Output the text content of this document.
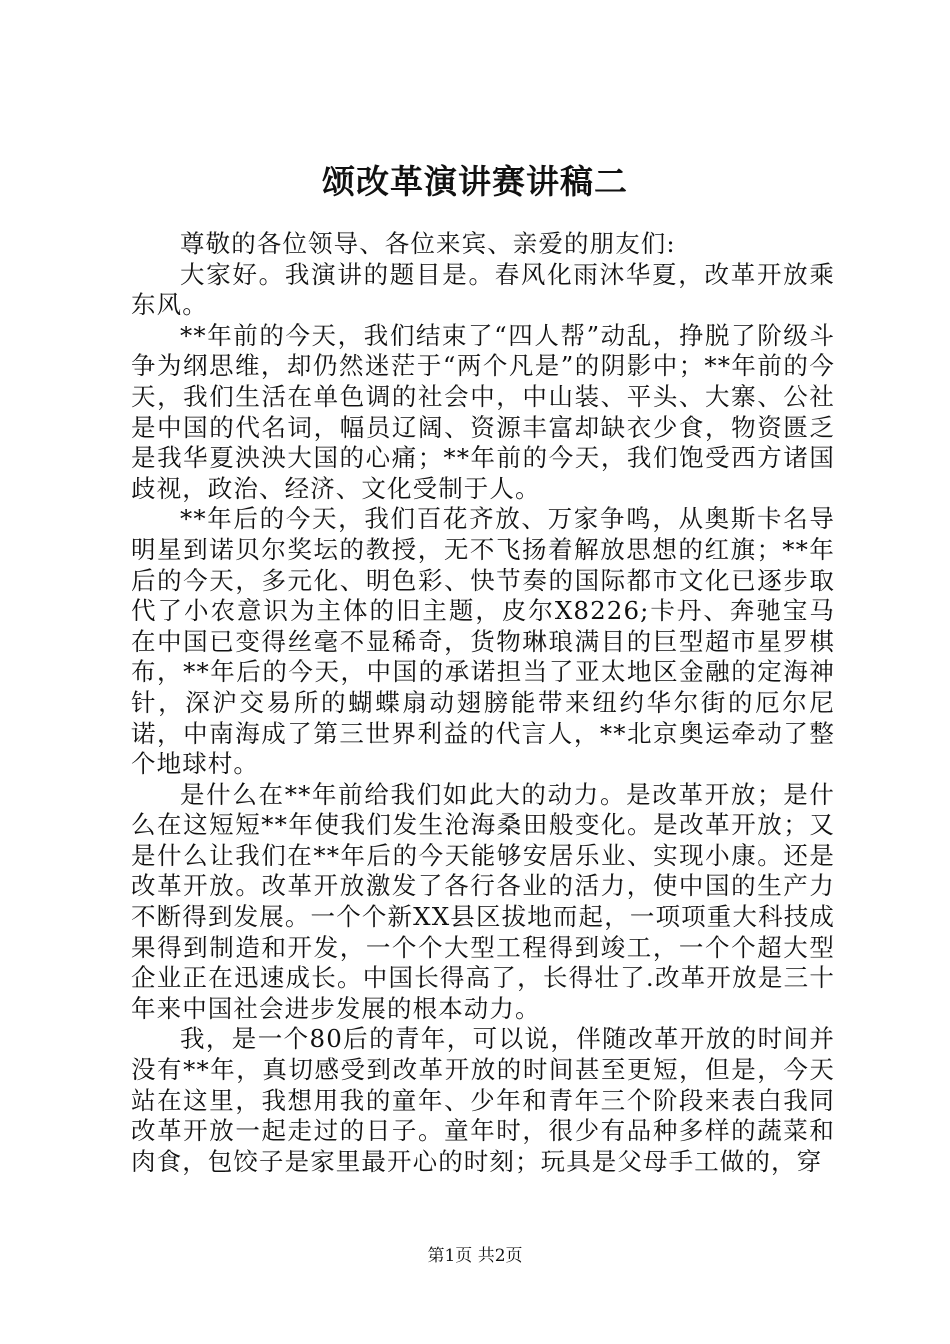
颂改革演讲赛讲稿二

尊敬的各位领导、各位来宾、亲爱的朋友们:

大家好。我演讲的题目是。春风化雨沐华夏，改革开放乘东风。

**年前的今天，我们结束了“四人帮”动乱，挣脱了阶级斗争为纲思维，却仍然迷茫于“两个凡是”的阴影中；**年前的今天，我们生活在单色调的社会中，中山装、平头、大寨、公社是中国的代名词，幅员辽阔、资源丰富却缺衣少食，物资匮乏是我华夏泱泱大国的心痛；**年前的今天，我们饱受西方诸国歧视，政治、经济、文化受制于人。

**年后的今天，我们百花齐放、万家争鸣，从奥斯卡名导明星到诺贝尔奖坛的教授，无不飞扬着解放思想的红旗；**年后的今天，多元化、明色彩、快节奏的国际都市文化已逐步取代了小农意识为主体的旧主题，皮尔X8226;卡丹、奔驰宝马在中国已变得丝毫不显稀奇，货物琳琅满目的巨型超市星罗棋布，**年后的今天，中国的承诺担当了亚太地区金融的定海神针，深沪交易所的蝴蝶扇动翅膀能带来纽约华尔街的厄尔尼诺，中南海成了第三世界利益的代言人，**北京奥运牵动了整个地球村。

是什么在**年前给我们如此大的动力。是改革开放；是什么在这短短**年使我们发生沧海桑田般变化。是改革开放；又是什么让我们在**年后的今天能够安居乐业、实现小康。还是改革开放。改革开放激发了各行各业的活力，使中国的生产力不断得到发展。一个个新XX县区拔地而起，一项项重大科技成果得到制造和开发，一个个大型工程得到竣工，一个个超大型企业正在迅速成长。中国长得高了，长得壮了.改革开放是三十年来中国社会进步发展的根本动力。

我，是一个80后的青年，可以说，伴随改革开放的时间并没有**年，真切感受到改革开放的时间甚至更短，但是，今天站在这里，我想用我的童年、少年和青年三个阶段来表白我同改革开放一起走过的日子。童年时，很少有品种多样的蔬菜和肉食，包饺子是家里最开心的时刻；玩具是父母手工做的，穿

第1页 共2页
